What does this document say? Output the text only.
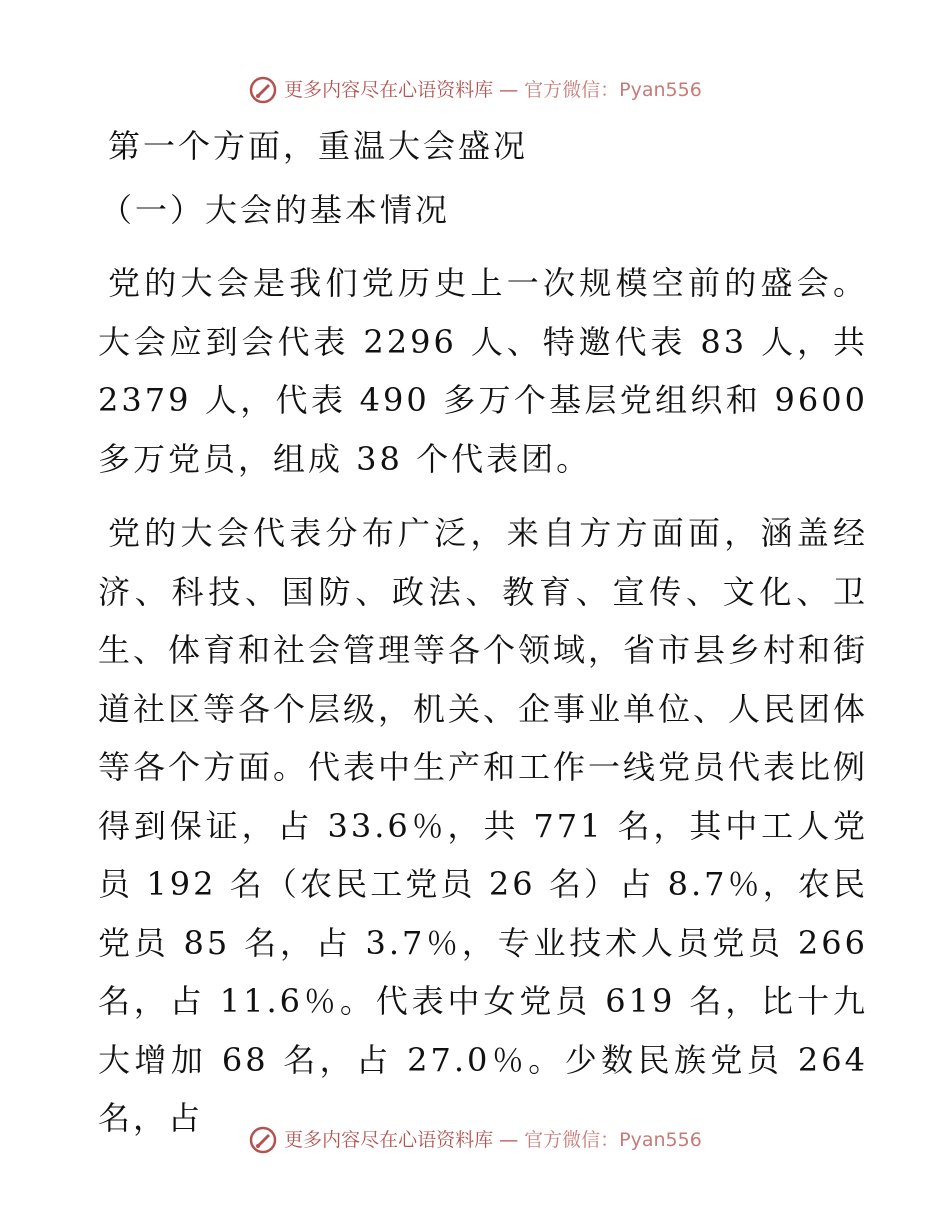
更多内容尽在心语资料库 — 官方微信：Pyan556
第一个方面，重温大会盛况
（一）大会的基本情况

党的大会是我们党历史上一次规模空前的盛会。大会应到会代表 2296 人、特邀代表 83 人，共 2379 人，代表 490 多万个基层党组织和 9600 多万党员，组成 38 个代表团。

党的大会代表分布广泛，来自方方面面，涵盖经济、科技、国防、政法、教育、宣传、文化、卫生、体育和社会管理等各个领域，省市县乡村和街道社区等各个层级，机关、企事业单位、人民团体等各个方面。代表中生产和工作一线党员代表比例得到保证，占 33.6％，共 771 名，其中工人党员 192 名（农民工党员 26 名）占 8.7％，农民党员 85 名，占 3.7％，专业技术人员党员 266 名，占 11.6％。代表中女党员 619 名，比十九大增加 68 名，占 27.0％。少数民族党员 264 名，占

更多内容尽在心语资料库 — 官方微信：Pyan556
